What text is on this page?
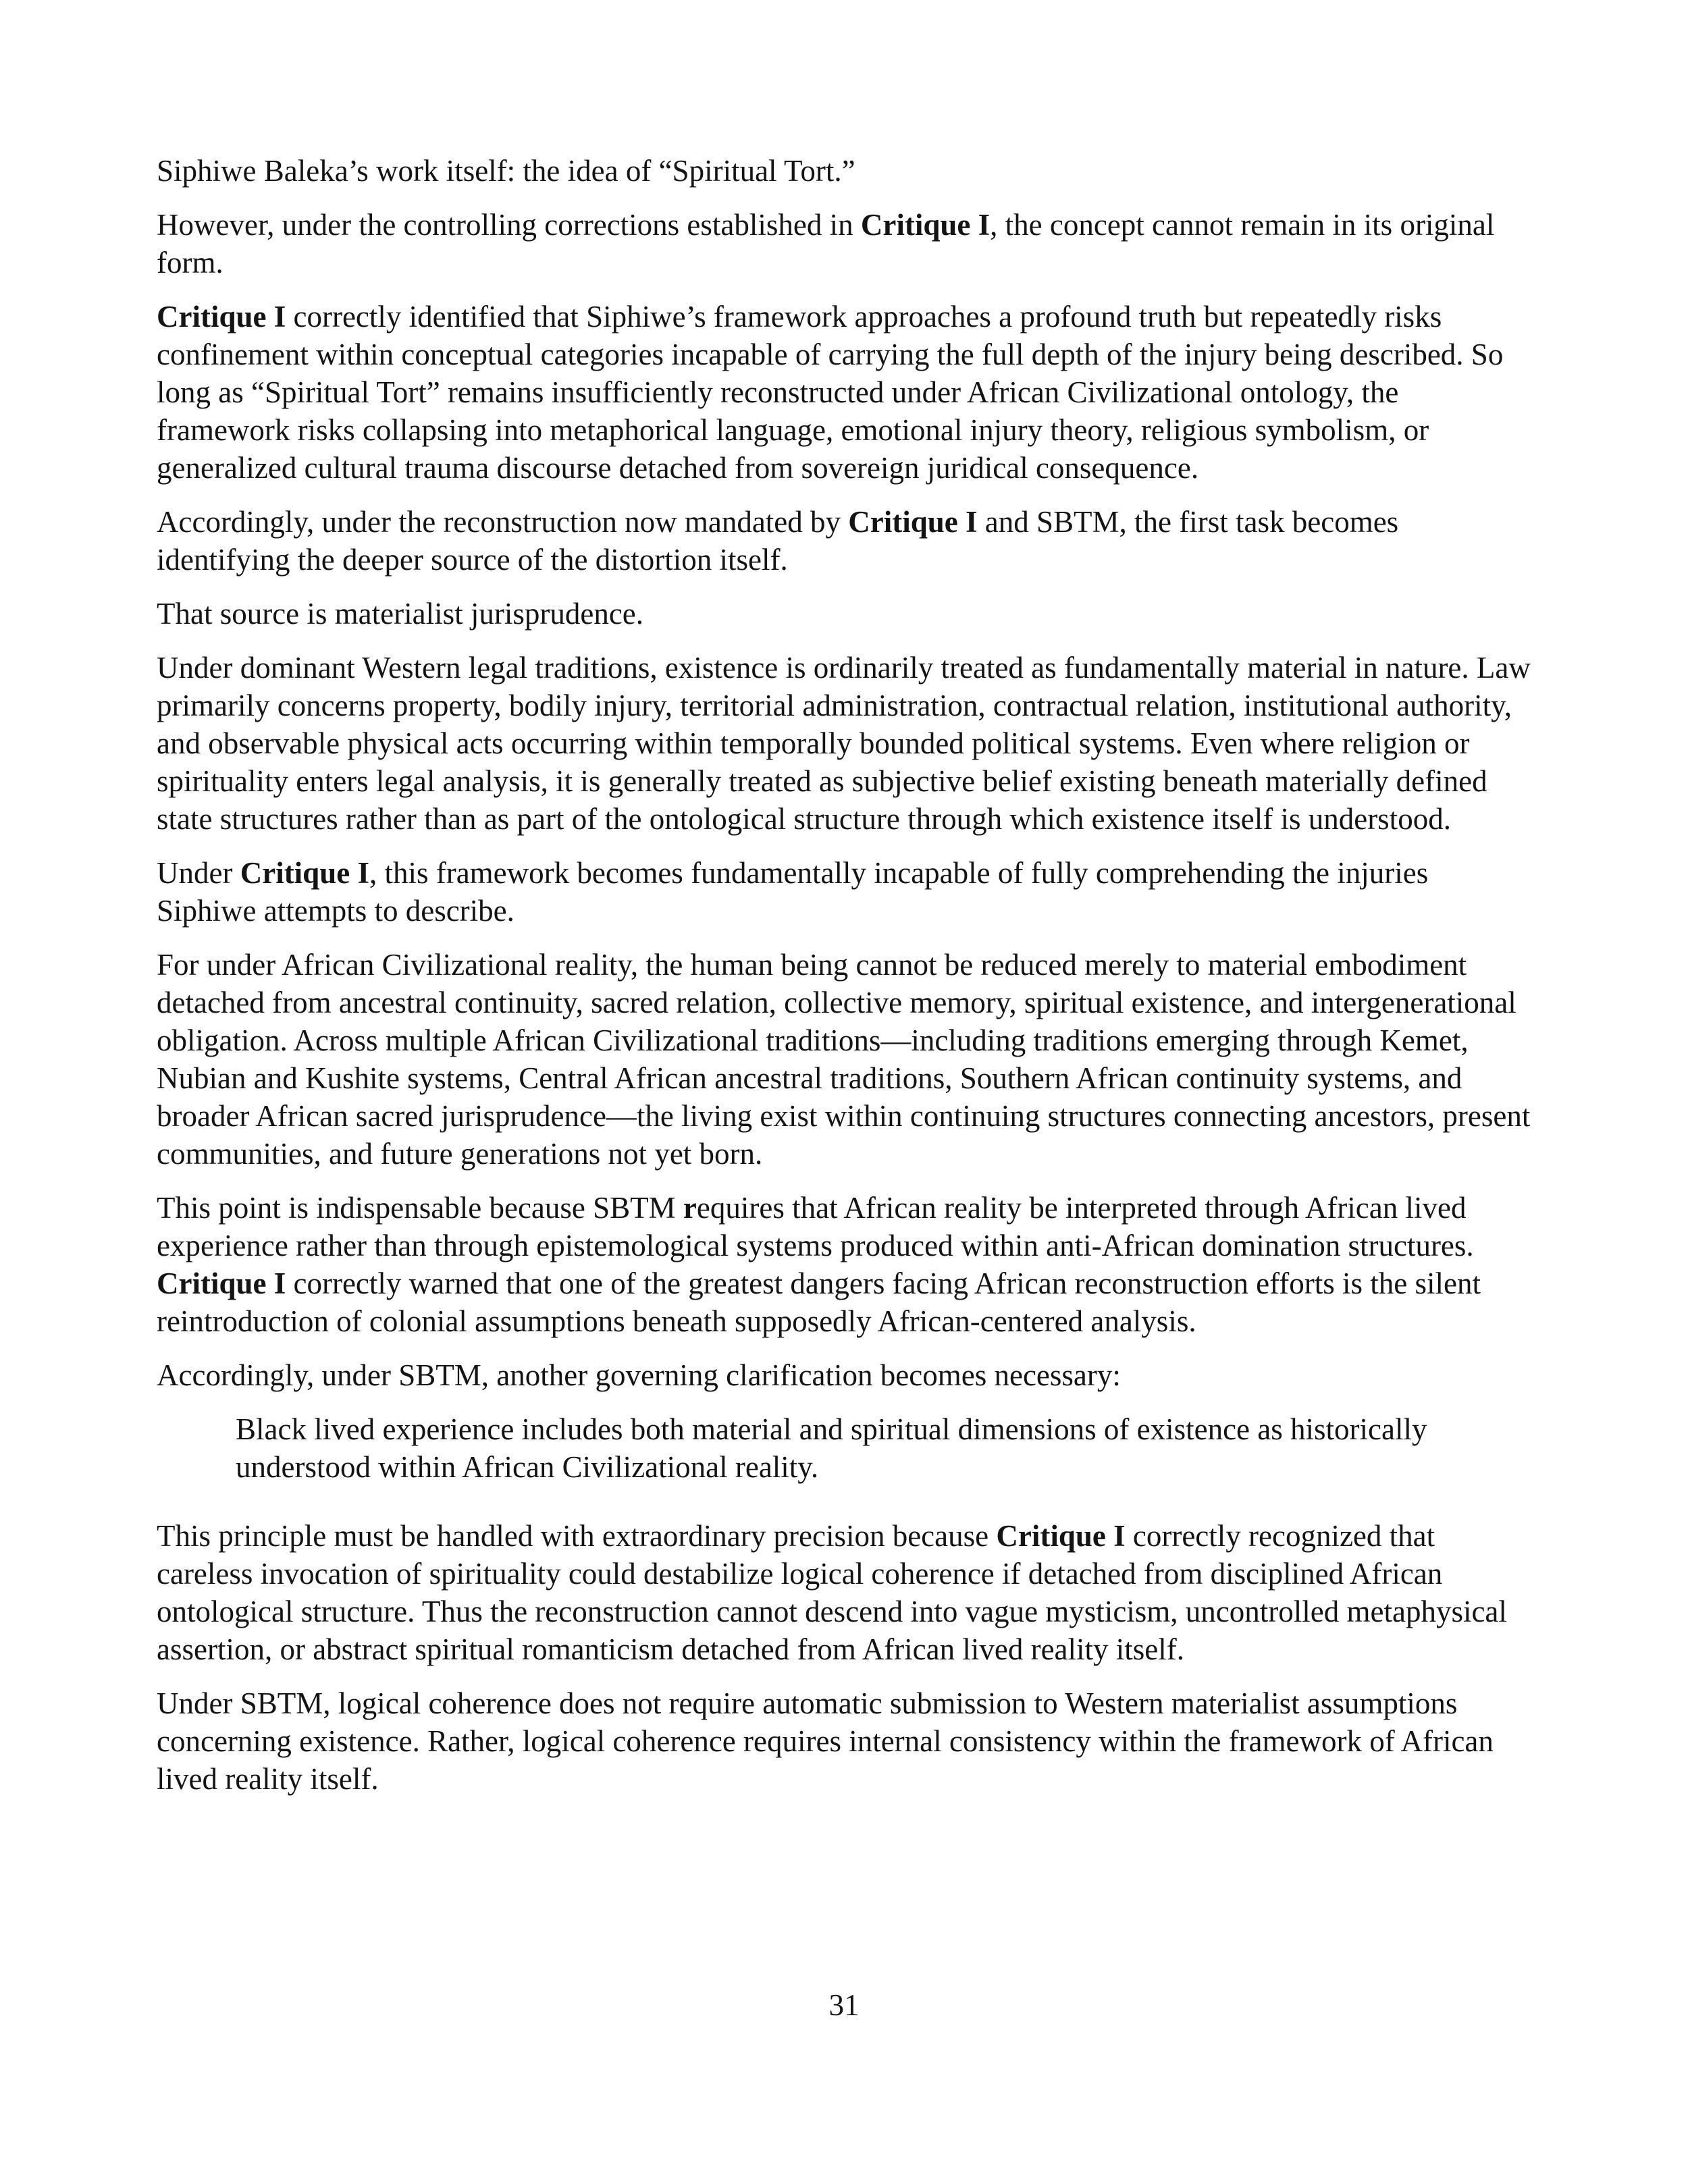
Siphiwe Baleka’s work itself: the idea of “Spiritual Tort.”

However, under the controlling corrections established in Critique I, the concept cannot remain in its original form.

Critique I correctly identified that Siphiwe’s framework approaches a profound truth but repeatedly risks confinement within conceptual categories incapable of carrying the full depth of the injury being described. So long as “Spiritual Tort” remains insufficiently reconstructed under African Civilizational ontology, the framework risks collapsing into metaphorical language, emotional injury theory, religious symbolism, or generalized cultural trauma discourse detached from sovereign juridical consequence.

Accordingly, under the reconstruction now mandated by Critique I and SBTM, the first task becomes identifying the deeper source of the distortion itself.

That source is materialist jurisprudence.

Under dominant Western legal traditions, existence is ordinarily treated as fundamentally material in nature. Law primarily concerns property, bodily injury, territorial administration, contractual relation, institutional authority, and observable physical acts occurring within temporally bounded political systems. Even where religion or spirituality enters legal analysis, it is generally treated as subjective belief existing beneath materially defined state structures rather than as part of the ontological structure through which existence itself is understood.

Under Critique I, this framework becomes fundamentally incapable of fully comprehending the injuries Siphiwe attempts to describe.

For under African Civilizational reality, the human being cannot be reduced merely to material embodiment detached from ancestral continuity, sacred relation, collective memory, spiritual existence, and intergenerational obligation. Across multiple African Civilizational traditions—including traditions emerging through Kemet, Nubian and Kushite systems, Central African ancestral traditions, Southern African continuity systems, and broader African sacred jurisprudence—the living exist within continuing structures connecting ancestors, present communities, and future generations not yet born.

This point is indispensable because SBTM requires that African reality be interpreted through African lived experience rather than through epistemological systems produced within anti-African domination structures. Critique I correctly warned that one of the greatest dangers facing African reconstruction efforts is the silent reintroduction of colonial assumptions beneath supposedly African-centered analysis.

Accordingly, under SBTM, another governing clarification becomes necessary:

Black lived experience includes both material and spiritual dimensions of existence as historically understood within African Civilizational reality.

This principle must be handled with extraordinary precision because Critique I correctly recognized that careless invocation of spirituality could destabilize logical coherence if detached from disciplined African ontological structure. Thus the reconstruction cannot descend into vague mysticism, uncontrolled metaphysical assertion, or abstract spiritual romanticism detached from African lived reality itself.

Under SBTM, logical coherence does not require automatic submission to Western materialist assumptions concerning existence. Rather, logical coherence requires internal consistency within the framework of African lived reality itself.

31
